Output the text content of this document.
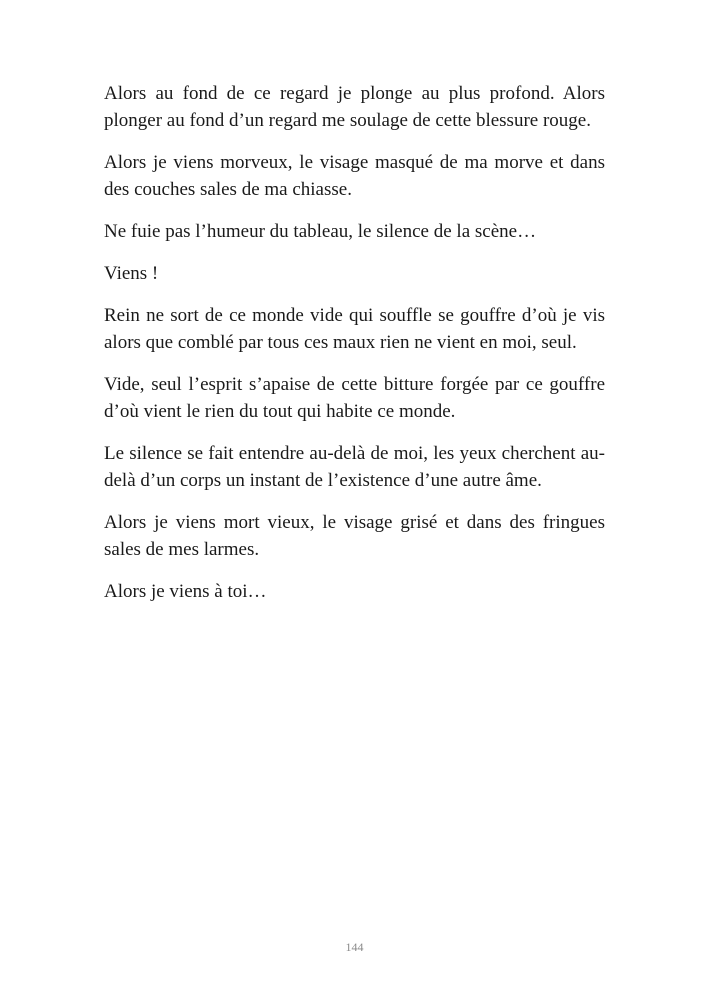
Alors au fond de ce regard je plonge au plus profond. Alors plonger au fond d’un regard me soulage de cette blessure rouge.

Alors je viens morveux, le visage masqué de ma morve et dans des couches sales de ma chiasse.

Ne fuie pas l’humeur du tableau, le silence de la scène…

Viens !

Rein ne sort de ce monde vide qui souffle se gouffre d’où je vis alors que comblé par tous ces maux rien ne vient en moi, seul.

Vide, seul l’esprit s’apaise de cette bitture forgée par ce gouffre d’où vient le rien du tout qui habite ce monde.

Le silence se fait entendre au-delà de moi, les yeux cherchent au-delà d’un corps un instant de l’existence d’une autre âme.

Alors je viens mort vieux, le visage grisé et dans des fringues sales de mes larmes.

Alors je viens à toi…

144
